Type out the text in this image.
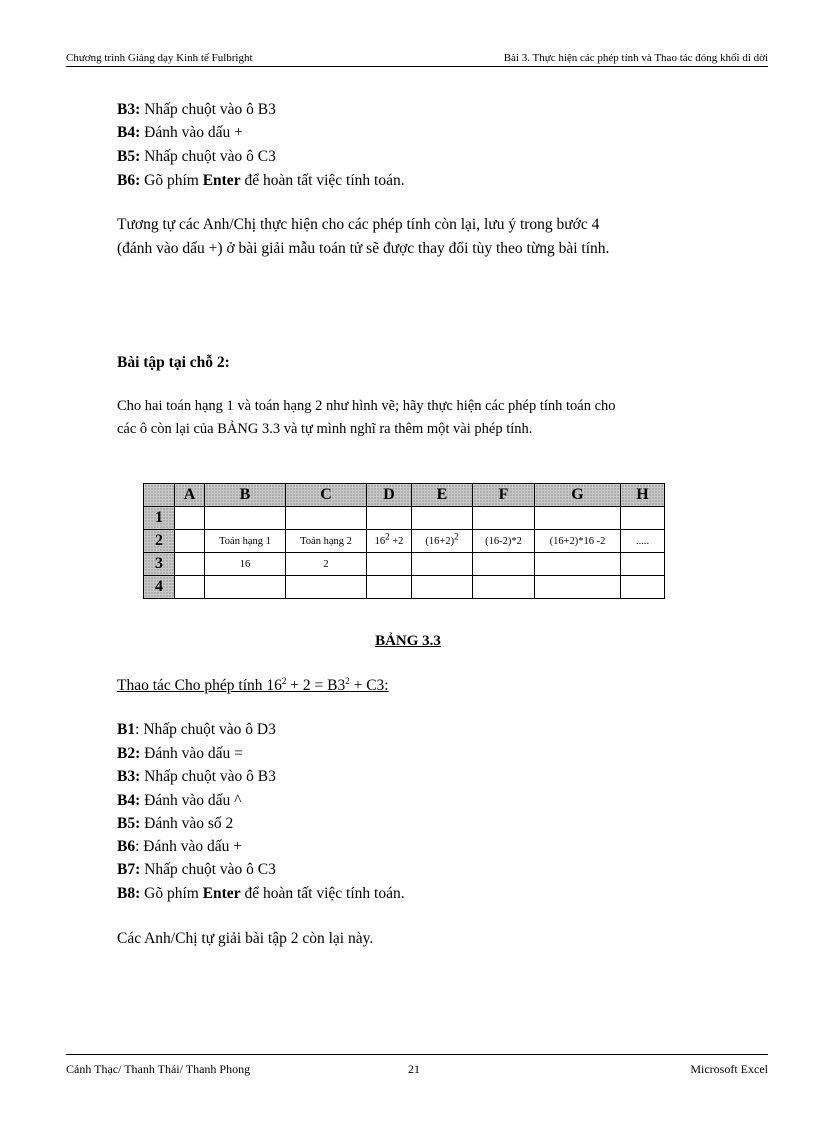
Chương trình Giảng dạy Kinh tế Fulbright	Bài 3. Thực hiện các phép tính và Thao tác đóng khối di dời
B3: Nhấp chuột vào ô B3
B4: Đánh vào dấu +
B5: Nhấp chuột vào ô C3
B6: Gõ phím Enter để hoàn tất việc tính toán.
Tương tự các Anh/Chị thực hiện cho các phép tính còn lại, lưu ý trong bước 4
(đánh vào dấu +) ở bài giải mẫu toán tử sẽ được thay đổi tùy theo từng bài tính.
Bài tập tại chỗ 2:
Cho hai toán hạng 1 và toán hạng 2 như hình vẽ; hãy thực hiện các phép tính toán cho
các ô còn lại của BẢNG 3.3 và tự mình nghĩ ra thêm một vài phép tính.
	A	B	C	D	E	F	G	H
1								
2		Toán hạng 1	Toán hạng 2	$16^2 +2$	$(16+2)^2$	(16-2)*2	(16+2)*16 -2	.....
3		16	2					
4								
BẢNG 3.3
Thao tác Cho phép tính $16^2 + 2 = B3^2 + C3$:
B1: Nhấp chuột vào ô D3
B2: Đánh vào dấu =
B3: Nhấp chuột vào ô B3
B4: Đánh vào dấu ^
B5: Đánh vào số 2
B6: Đánh vào dấu +
B7: Nhấp chuột vào ô C3
B8: Gõ phím Enter để hoàn tất việc tính toán.
Các Anh/Chị tự giải bài tập 2 còn lại này.
Cảnh Thạc/ Thanh Thái/ Thanh Phong	21	Microsoft Excel
